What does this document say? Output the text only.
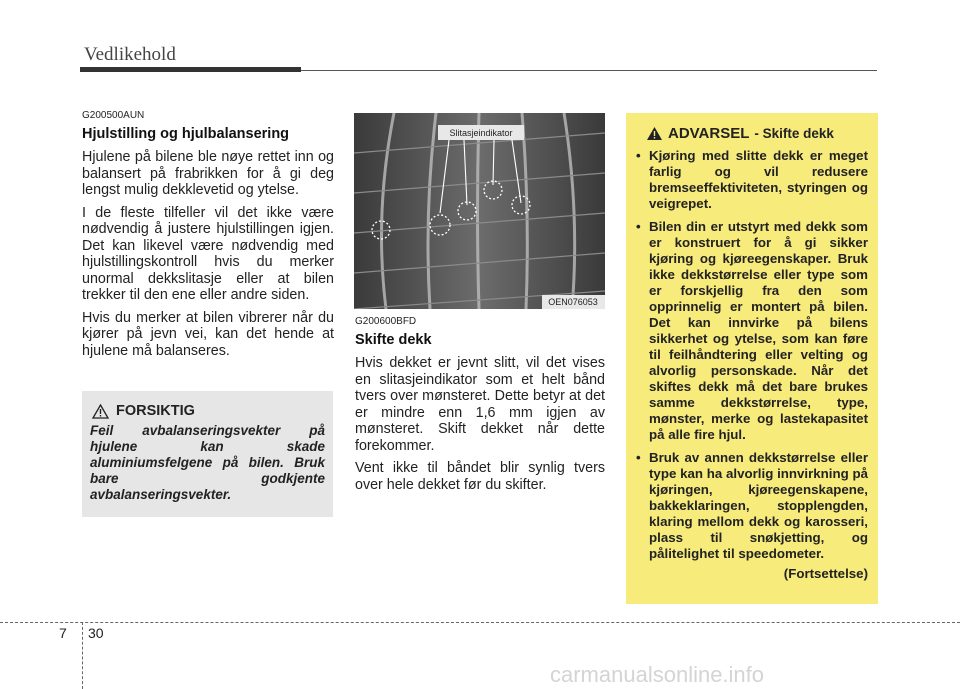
Vedlikehold
G200500AUN
Hjulstilling og hjulbalansering

Hjulene på bilene ble nøye rettet inn og balansert på frabrikken for å gi deg lengst mulig dekklevetid og ytelse.

I de fleste tilfeller vil det ikke være nødvendig å justere hjulstillingen igjen. Det kan likevel være nødvendig med hjulstillingskontroll hvis du merker unormal dekkslitasje eller at bilen trekker til den ene eller andre siden.

Hvis du merker at bilen vibrerer når du kjører på jevn vei, kan det hende at hjulene må balanseres.

FORSIKTIG
Feil avbalanseringsvekter på hjulene kan skade aluminiumsfelgene på bilen. Bruk bare godkjente avbalanseringsvekter.
Slitasjeindikator
OEN076053
G200600BFD
Skifte dekk

Hvis dekket er jevnt slitt, vil det vises en slitasjeindikator som et helt bånd tvers over mønsteret. Dette betyr at det er mindre enn 1,6 mm igjen av mønsteret. Skift dekket når dette forekommer.

Vent ikke til båndet blir synlig tvers over hele dekket før du skifter.

ADVARSEL - Skifte dekk
• Kjøring med slitte dekk er meget farlig og vil redusere bremseeffektiviteten, styringen og veigrepet.
• Bilen din er utstyrt med dekk som er konstruert for å gi sikker kjøring og kjøreegenskaper. Bruk ikke dekkstørrelse eller type som er forskjellig fra den som opprinnelig er montert på bilen. Det kan innvirke på bilens sikkerhet og ytelse, som kan føre til feilhåndtering eller velting og alvorlig personskade. Når det skiftes dekk må det bare brukes samme dekkstørrelse, type, mønster, merke og lastekapasitet på alle fire hjul.
• Bruk av annen dekkstørrelse eller type kan ha alvorlig innvirkning på kjøringen, kjøreegenskapene, bakkeklaringen, stopplengden, klaring mellom dekk og karosseri, plass til snøkjetting, og pålitelighet til speedometer.
(Fortsettelse)
7 30
carmanualsonline.info
